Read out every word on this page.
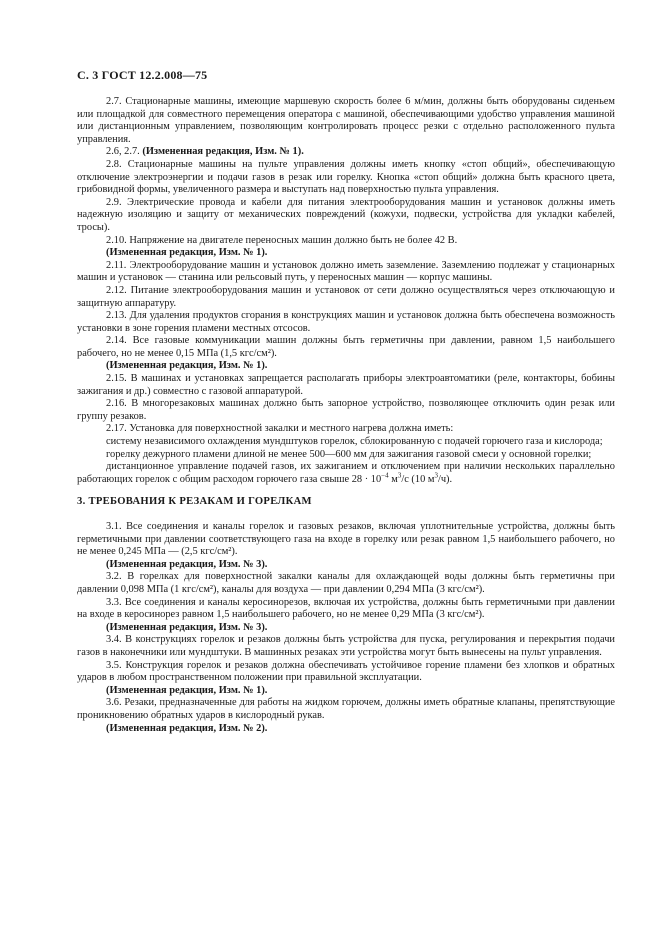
С. 3 ГОСТ 12.2.008—75

2.7. Стационарные машины, имеющие маршевую скорость более 6 м/мин, должны быть оборудованы сиденьем или площадкой для совместного перемещения оператора с машиной, обеспечивающими удобство управления машиной или дистанционным управлением, позволяющим контролировать процесс резки с отдельно расположенного пульта управления.

2.6, 2.7. (Измененная редакция, Изм. № 1).

2.8. Стационарные машины на пульте управления должны иметь кнопку «стоп общий», обеспечивающую отключение электроэнергии и подачи газов в резак или горелку. Кнопка «стоп общий» должна быть красного цвета, грибовидной формы, увеличенного размера и выступать над поверхностью пульта управления.

2.9. Электрические провода и кабели для питания электрооборудования машин и установок должны иметь надежную изоляцию и защиту от механических повреждений (кожухи, подвески, устройства для укладки кабелей, тросы).

2.10. Напряжение на двигателе переносных машин должно быть не более 42 В.

(Измененная редакция, Изм. № 1).

2.11. Электрооборудование машин и установок должно иметь заземление. Заземлению подлежат у стационарных машин и установок — станина или рельсовый путь, у переносных машин — корпус машины.

2.12. Питание электрооборудования машин и установок от сети должно осуществляться через отключающую и защитную аппаратуру.

2.13. Для удаления продуктов сгорания в конструкциях машин и установок должна быть обеспечена возможность установки в зоне горения пламени местных отсосов.

2.14. Все газовые коммуникации машин должны быть герметичны при давлении, равном 1,5 наибольшего рабочего, но не менее 0,15 МПа (1,5 кгс/см²).

(Измененная редакция, Изм. № 1).

2.15. В машинах и установках запрещается располагать приборы электроавтоматики (реле, контакторы, бобины зажигания и др.) совместно с газовой аппаратурой.

2.16. В многорезаковых машинах должно быть запорное устройство, позволяющее отключить один резак или группу резаков.

2.17. Установка для поверхностной закалки и местного нагрева должна иметь:

систему независимого охлаждения мундштуков горелок, сблокированную с подачей горючего газа и кислорода;

горелку дежурного пламени длиной не менее 500—600 мм для зажигания газовой смеси у основной горелки;

дистанционное управление подачей газов, их зажиганием и отключением при наличии нескольких параллельно работающих горелок с общим расходом горючего газа свыше $28 \cdot 10^{-4}$ $м^3/с$ (10 $м^3/ч$).

3. ТРЕБОВАНИЯ К РЕЗАКАМ И ГОРЕЛКАМ

3.1. Все соединения и каналы горелок и газовых резаков, включая уплотнительные устройства, должны быть герметичными при давлении соответствующего газа на входе в горелку или резак равном 1,5 наибольшего рабочего, но не менее 0,245 МПа — (2,5 кгс/см²).

(Измененная редакция, Изм. № 3).

3.2. В горелках для поверхностной закалки каналы для охлаждающей воды должны быть герметичны при давлении 0,098 МПа (1 кгс/см²), каналы для воздуха — при давлении 0,294 МПа (3 кгс/см²).

3.3. Все соединения и каналы керосинорезов, включая их устройства, должны быть герметичными при давлении на входе в керосинорез равном 1,5 наибольшего рабочего, но не менее 0,29 МПа (3 кгс/см²).

(Измененная редакция, Изм. № 3).

3.4. В конструкциях горелок и резаков должны быть устройства для пуска, регулирования и перекрытия подачи газов в наконечники или мундштуки. В машинных резаках эти устройства могут быть вынесены на пульт управления.

3.5. Конструкция горелок и резаков должна обеспечивать устойчивое горение пламени без хлопков и обратных ударов в любом пространственном положении при правильной эксплуатации.

(Измененная редакция, Изм. № 1).

3.6. Резаки, предназначенные для работы на жидком горючем, должны иметь обратные клапаны, препятствующие проникновению обратных ударов в кислородный рукав.

(Измененная редакция, Изм. № 2).
